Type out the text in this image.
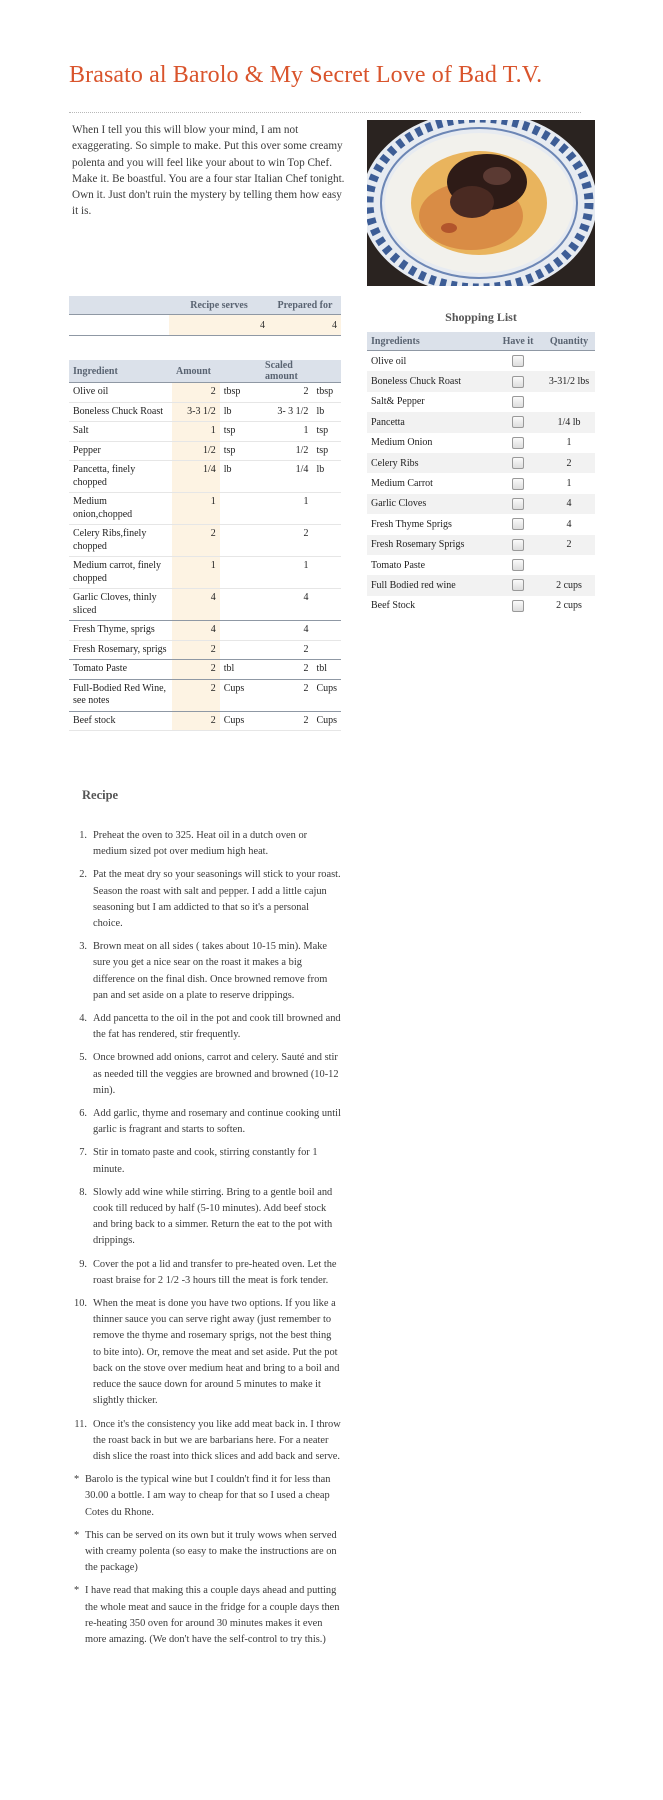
Brasato al Barolo & My Secret Love of Bad T.V.
When I tell you this will blow your mind, I am not exaggerating. So simple to make. Put this over some creamy polenta and you will feel like your about to win Top Chef. Make it. Be boastful. You are a four star Italian Chef tonight. Own it. Just don't ruin the mystery by telling them how easy it is.
	Recipe serves	Prepared for
	4	4
Ingredient	Amount		Scaled amount	
Olive oil	2	tbsp	2	tbsp
Boneless Chuck Roast	3-3 1/2	lb	3- 3 1/2	lb
Salt	1	tsp	1	tsp
Pepper	1/2	tsp	1/2	tsp
Pancetta, finely chopped	1/4	lb	1/4	lb
Medium onion,chopped	1		1	
Celery Ribs,finely chopped	2		2	
Medium carrot, finely chopped	1		1	
Garlic Cloves, thinly sliced	4		4	
Fresh Thyme, sprigs	4		4	
Fresh Rosemary, sprigs	2		2	
Tomato Paste	2	tbl	2	tbl
Full-Bodied Red Wine, see notes	2	Cups	2	Cups
Beef stock	2	Cups	2	Cups
Shopping List
Ingredients	Have it	Quantity
Olive oil		
Boneless Chuck Roast		3-31/2 lbs
Salt& Pepper		
Pancetta		1/4 lb
Medium Onion		1
Celery Ribs		2
Medium Carrot		1
Garlic Cloves		4
Fresh Thyme Sprigs		4
Fresh Rosemary Sprigs		2
Tomato Paste		
Full Bodied red wine		2 cups
Beef Stock		2 cups
Recipe
1. Preheat the oven to 325. Heat oil in a dutch oven or medium sized pot over medium high heat.
2. Pat the meat dry so your seasonings will stick to your roast. Season the roast with salt and pepper. I add a little cajun seasoning but I am addicted to that so it's a personal choice.
3. Brown meat on all sides ( takes about 10-15 min). Make sure you get a nice sear on the roast it makes a big difference on the final dish. Once browned remove from pan and set aside on a plate to reserve drippings.
4. Add pancetta to the oil in the pot and cook till browned and the fat has rendered, stir frequently.
5. Once browned add onions, carrot and celery. Sauté and stir as needed till the veggies are browned and browned (10-12 min).
6. Add garlic, thyme and rosemary and continue cooking until garlic is fragrant and starts to soften.
7. Stir in tomato paste and cook, stirring constantly for 1 minute.
8. Slowly add wine while stirring. Bring to a gentle boil and cook till reduced by half (5-10 minutes). Add beef stock and bring back to a simmer. Return the eat to the pot with drippings.
9. Cover the pot a lid and transfer to pre-heated oven. Let the roast braise for 2 1/2 -3 hours till the meat is fork tender.
10. When the meat is done you have two options. If you like a thinner sauce you can serve right away (just remember to remove the thyme and rosemary sprigs, not the best thing to bite into). Or, remove the meat and set aside. Put the pot back on the stove over medium heat and bring to a boil and reduce the sauce down for around 5 minutes to make it slightly thicker.
11. Once it's the consistency you like add meat back in. I throw the roast back in but we are barbarians here. For a neater dish slice the roast into thick slices and add back and serve.
* Barolo is the typical wine but I couldn't find it for less than 30.00 a bottle. I am way to cheap for that so I used a cheap Cotes du Rhone.
* This can be served on its own but it truly wows when served with creamy polenta (so easy to make the instructions are on the package)
* I have read that making this a couple days ahead and putting the whole meat and sauce in the fridge for a couple days then re-heating 350 oven for around 30 minutes makes it even more amazing. (We don't have the self-control to try this.)
